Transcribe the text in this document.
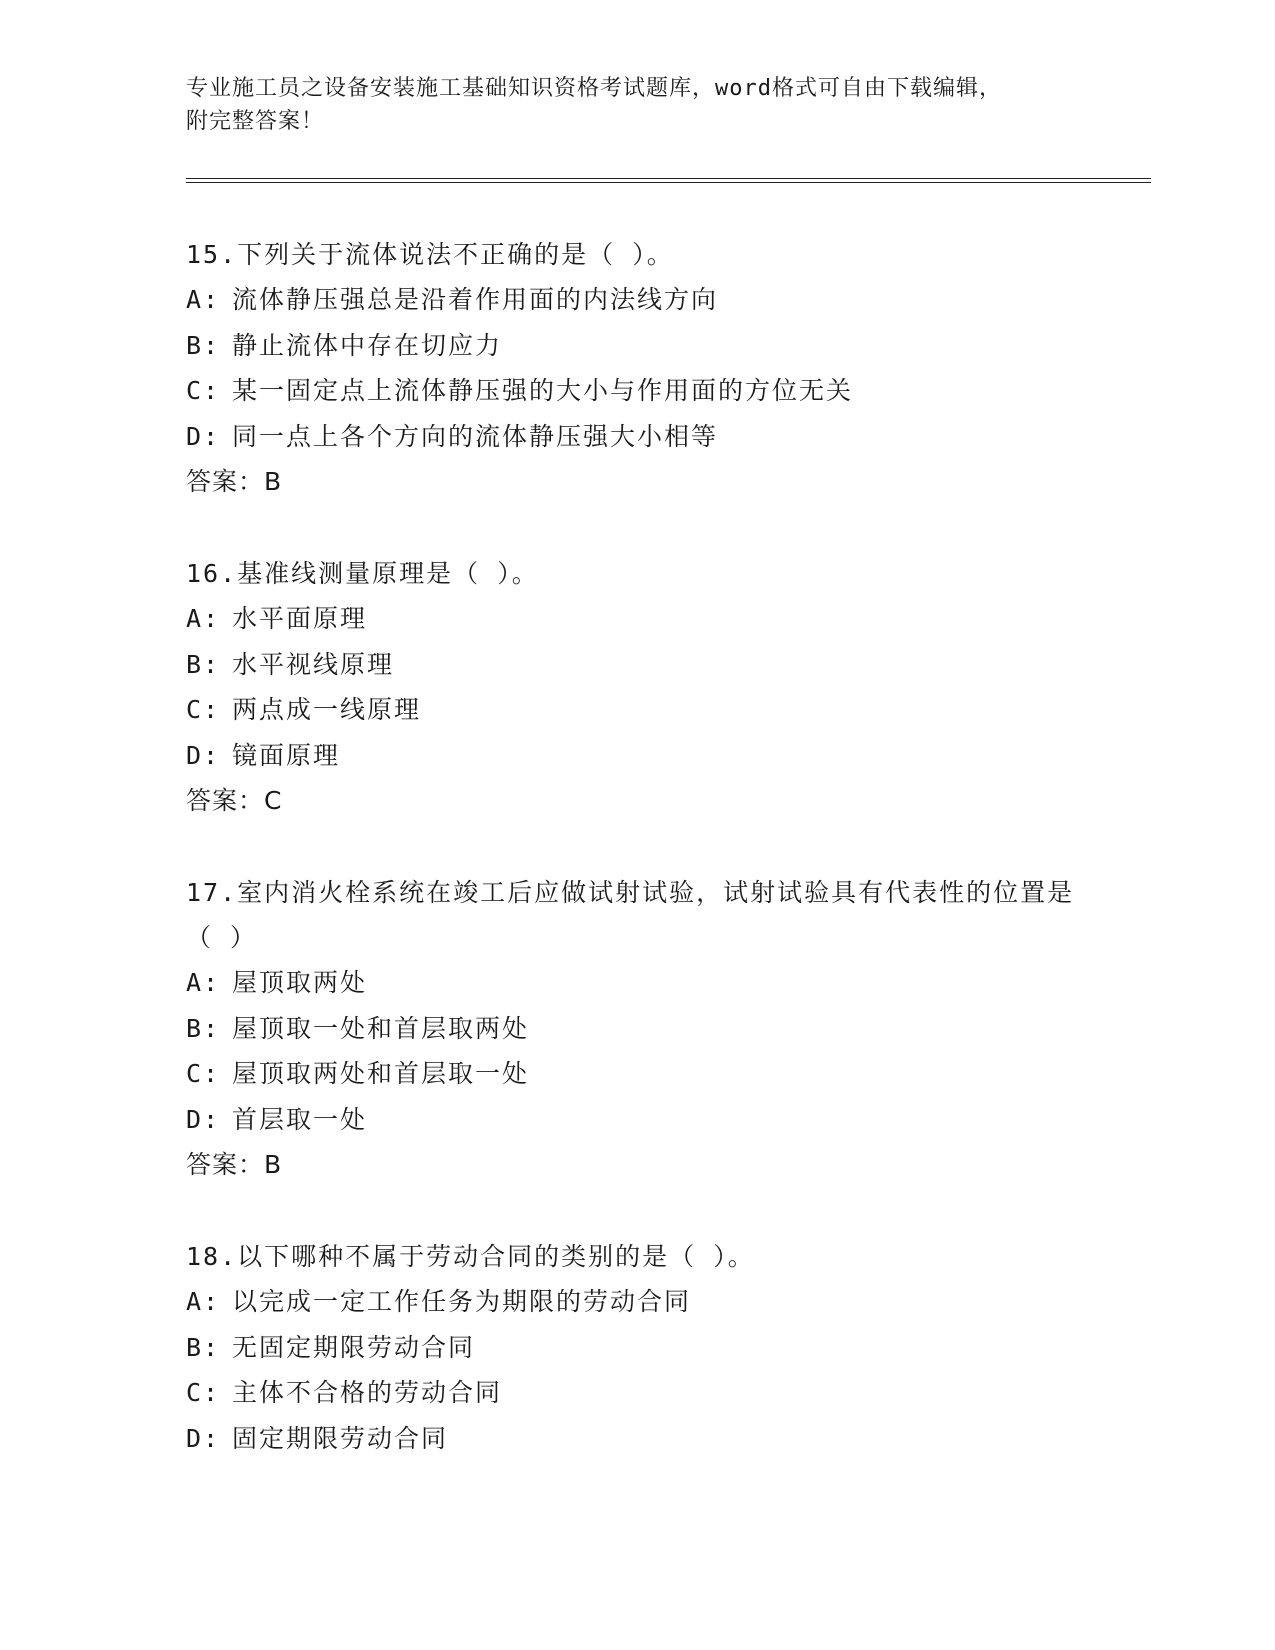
专业施工员之设备安装施工基础知识资格考试题库，word格式可自由下载编辑，
附完整答案！
15.下列关于流体说法不正确的是（ ）。
A: 流体静压强总是沿着作用面的内法线方向
B: 静止流体中存在切应力
C: 某一固定点上流体静压强的大小与作用面的方位无关
D: 同一点上各个方向的流体静压强大小相等
答案：B
16.基准线测量原理是（ ）。
A: 水平面原理
B: 水平视线原理
C: 两点成一线原理
D: 镜面原理
答案：C
17.室内消火栓系统在竣工后应做试射试验，试射试验具有代表性的位置是（ ）
A: 屋顶取两处
B: 屋顶取一处和首层取两处
C: 屋顶取两处和首层取一处
D: 首层取一处
答案：B
18.以下哪种不属于劳动合同的类别的是（ ）。
A: 以完成一定工作任务为期限的劳动合同
B: 无固定期限劳动合同
C: 主体不合格的劳动合同
D: 固定期限劳动合同
